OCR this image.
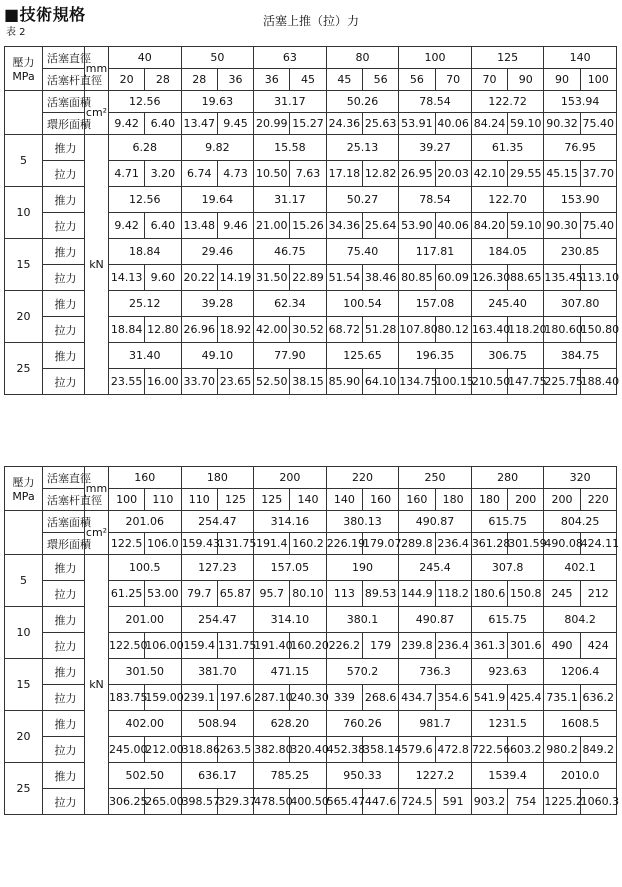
■技術規格
表 2
活塞上推（拉）力
壓力
MPa	活塞直徑	mm	40		50		63		80		100		125		140	
	活塞杆直徑		20	28	28	36	36	45	45	56	56	70	70	90	90	100
	活塞面積	cm²	12.56		19.63		31.17		50.26		78.54		122.72		153.94	
	環形面積		9.42	6.40	13.47	9.45	20.99	15.27	24.36	25.63	53.91	40.06	84.24	59.10	90.32	75.40
5	推力	kN	6.28		9.82		15.58		25.13		39.27		61.35		76.95	
	拉力		4.71	3.20	6.74	4.73	10.50	7.63	17.18	12.82	26.95	20.03	42.10	29.55	45.15	37.70
10	推力		12.56		19.64		31.17		50.27		78.54		122.70		153.90	
	拉力		9.42	6.40	13.48	9.46	21.00	15.26	34.36	25.64	53.90	40.06	84.20	59.10	90.30	75.40
15	推力		18.84		29.46		46.75		75.40		117.81		184.05		230.85	
	拉力		14.13	9.60	20.22	14.19	31.50	22.89	51.54	38.46	80.85	60.09	126.30	88.65	135.45	113.10
20	推力		25.12		39.28		62.34		100.54		157.08		245.40		307.80	
	拉力		18.84	12.80	26.96	18.92	42.00	30.52	68.72	51.28	107.80	80.12	163.40	118.20	180.60	150.80
25	推力		31.40		49.10		77.90		125.65		196.35		306.75		384.75	
	拉力		23.55	16.00	33.70	23.65	52.50	38.15	85.90	64.10	134.75	100.15	210.50	147.75	225.75	188.40
壓力
MPa	活塞直徑	mm	160		180		200		220		250		280		320	
	活塞杆直徑		100	110	110	125	125	140	140	160	160	180	180	200	200	220
	活塞面積	cm²	201.06		254.47		314.16		380.13		490.87		615.75		804.25	
	環形面積		122.5	106.0	159.43	131.75	191.4	160.2	226.19	179.07	289.8	236.4	361.28	301.59	490.08	424.11
5	推力	kN	100.5		127.23		157.05		190		245.4		307.8		402.1	
	拉力		61.25	53.00	79.7	65.87	95.7	80.10	113	89.53	144.9	118.2	180.6	150.8	245	212
10	推力		201.00		254.47		314.10		380.1		490.87		615.75		804.2	
	拉力		122.50	106.00	159.4	131.75	191.40	160.20	226.2	179	239.8	236.4	361.3	301.6	490	424
15	推力		301.50		381.70		471.15		570.2		736.3		923.63		1206.4	
	拉力		183.75	159.00	239.1	197.6	287.10	240.30	339	268.6	434.7	354.6	541.9	425.4	735.1	636.2
20	推力		402.00		508.94		628.20		760.26		981.7		1231.5		1608.5	
	拉力		245.00	212.00	318.86	263.5	382.80	320.40	452.38	358.14	579.6	472.8	722.56	603.2	980.2	849.2
25	推力		502.50		636.17		785.25		950.33		1227.2		1539.4		2010.0	
	拉力		306.25	265.00	398.57	329.37	478.50	400.50	565.47	447.6	724.5	591	903.2	754	1225.2	1060.3
